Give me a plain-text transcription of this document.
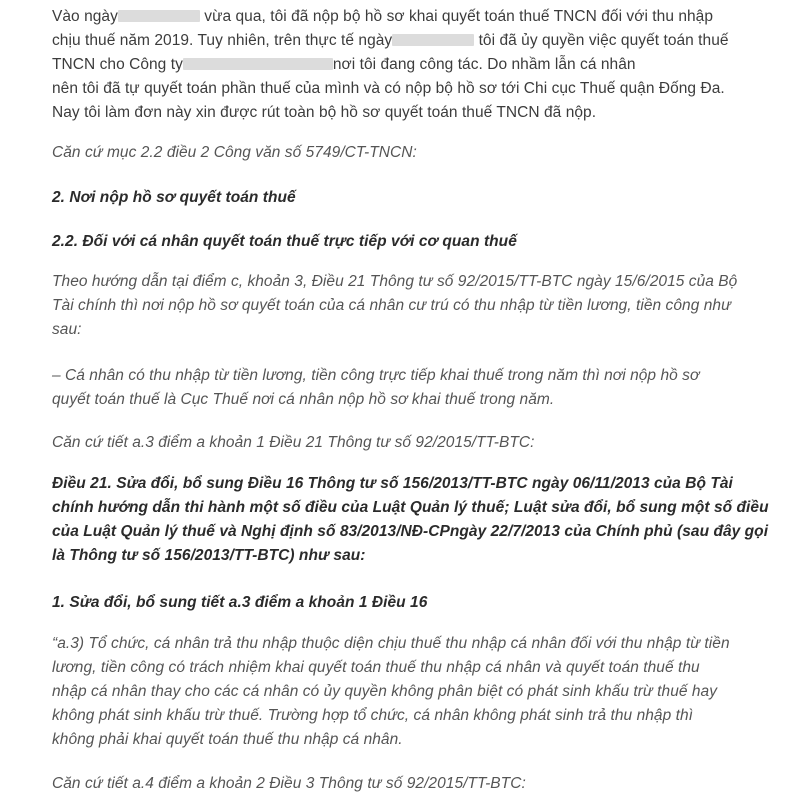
Vào ngày	vừa qua, tôi đã nộp bộ hồ sơ khai quyết toán thuế TNCN đối với thu nhập
chịu thuế năm 2019. Tuy nhiên, trên thực tế ngày	tôi đã ủy quyền việc quyết toán thuế
TNCN cho Công ty	nơi tôi đang công tác. Do nhầm lẫn cá nhân
nên tôi đã tự quyết toán phần thuế của mình và có nộp bộ hồ sơ tới Chi cục Thuế quận Đống Đa.
Nay tôi làm đơn này xin được rút toàn bộ hồ sơ quyết toán thuế TNCN đã nộp.
Căn cứ mục 2.2 điều 2 Công văn số 5749/CT-TNCN:
2. Nơi nộp hồ sơ quyết toán thuế
2.2. Đối với cá nhân quyết toán thuế trực tiếp với cơ quan thuế
Theo hướng dẫn tại điểm c, khoản 3, Điều 21 Thông tư số 92/2015/TT-BTC ngày 15/6/2015 của Bộ
Tài chính thì nơi nộp hồ sơ quyết toán của cá nhân cư trú có thu nhập từ tiền lương, tiền công như
sau:
– Cá nhân có thu nhập từ tiền lương, tiền công trực tiếp khai thuế trong năm thì nơi nộp hồ sơ
quyết toán thuế là Cục Thuế nơi cá nhân nộp hồ sơ khai thuế trong năm.
Căn cứ tiết a.3 điểm a khoản 1 Điều 21 Thông tư số 92/2015/TT-BTC:
Điều 21. Sửa đổi, bổ sung Điều 16 Thông tư số 156/2013/TT-BTC ngày 06/11/2013 của Bộ Tài
chính hướng dẫn thi hành một số điều của Luật Quản lý thuế; Luật sửa đổi, bổ sung một số điều
của Luật Quản lý thuế và Nghị định số 83/2013/NĐ-CPngày 22/7/2013 của Chính phủ (sau đây gọi
là Thông tư số 156/2013/TT-BTC) như sau:
1. Sửa đổi, bổ sung tiết a.3 điểm a khoản 1 Điều 16
“a.3) Tổ chức, cá nhân trả thu nhập thuộc diện chịu thuế thu nhập cá nhân đối với thu nhập từ tiền
lương, tiền công có trách nhiệm khai quyết toán thuế thu nhập cá nhân và quyết toán thuế thu
nhập cá nhân thay cho các cá nhân có ủy quyền không phân biệt có phát sinh khấu trừ thuế hay
không phát sinh khấu trừ thuế. Trường hợp tổ chức, cá nhân không phát sinh trả thu nhập thì
không phải khai quyết toán thuế thu nhập cá nhân.
Căn cứ tiết a.4 điểm a khoản 2 Điều 3 Thông tư số 92/2015/TT-BTC:
